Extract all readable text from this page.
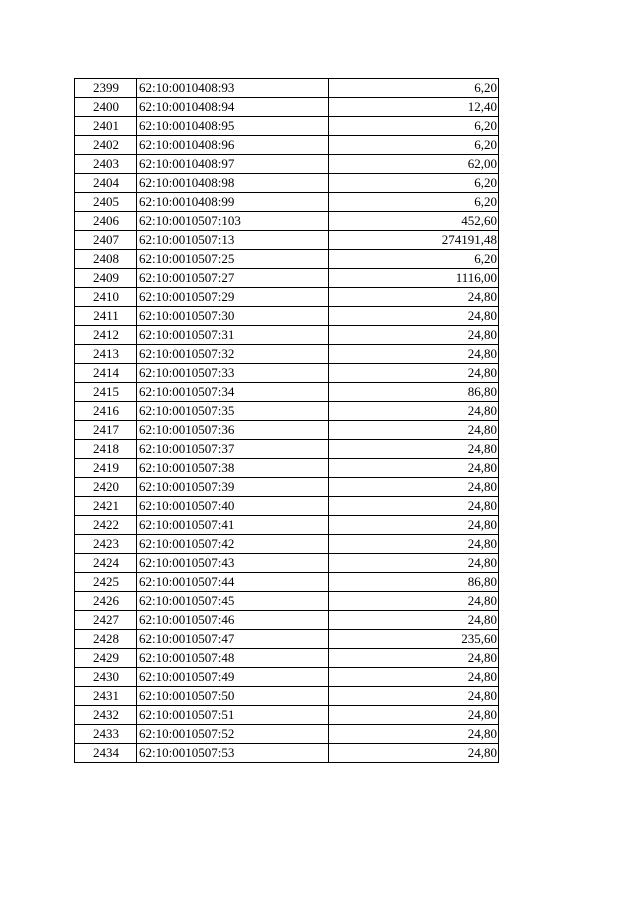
2399	62:10:0010408:93	6,20
2400	62:10:0010408:94	12,40
2401	62:10:0010408:95	6,20
2402	62:10:0010408:96	6,20
2403	62:10:0010408:97	62,00
2404	62:10:0010408:98	6,20
2405	62:10:0010408:99	6,20
2406	62:10:0010507:103	452,60
2407	62:10:0010507:13	274191,48
2408	62:10:0010507:25	6,20
2409	62:10:0010507:27	1116,00
2410	62:10:0010507:29	24,80
2411	62:10:0010507:30	24,80
2412	62:10:0010507:31	24,80
2413	62:10:0010507:32	24,80
2414	62:10:0010507:33	24,80
2415	62:10:0010507:34	86,80
2416	62:10:0010507:35	24,80
2417	62:10:0010507:36	24,80
2418	62:10:0010507:37	24,80
2419	62:10:0010507:38	24,80
2420	62:10:0010507:39	24,80
2421	62:10:0010507:40	24,80
2422	62:10:0010507:41	24,80
2423	62:10:0010507:42	24,80
2424	62:10:0010507:43	24,80
2425	62:10:0010507:44	86,80
2426	62:10:0010507:45	24,80
2427	62:10:0010507:46	24,80
2428	62:10:0010507:47	235,60
2429	62:10:0010507:48	24,80
2430	62:10:0010507:49	24,80
2431	62:10:0010507:50	24,80
2432	62:10:0010507:51	24,80
2433	62:10:0010507:52	24,80
2434	62:10:0010507:53	24,80
